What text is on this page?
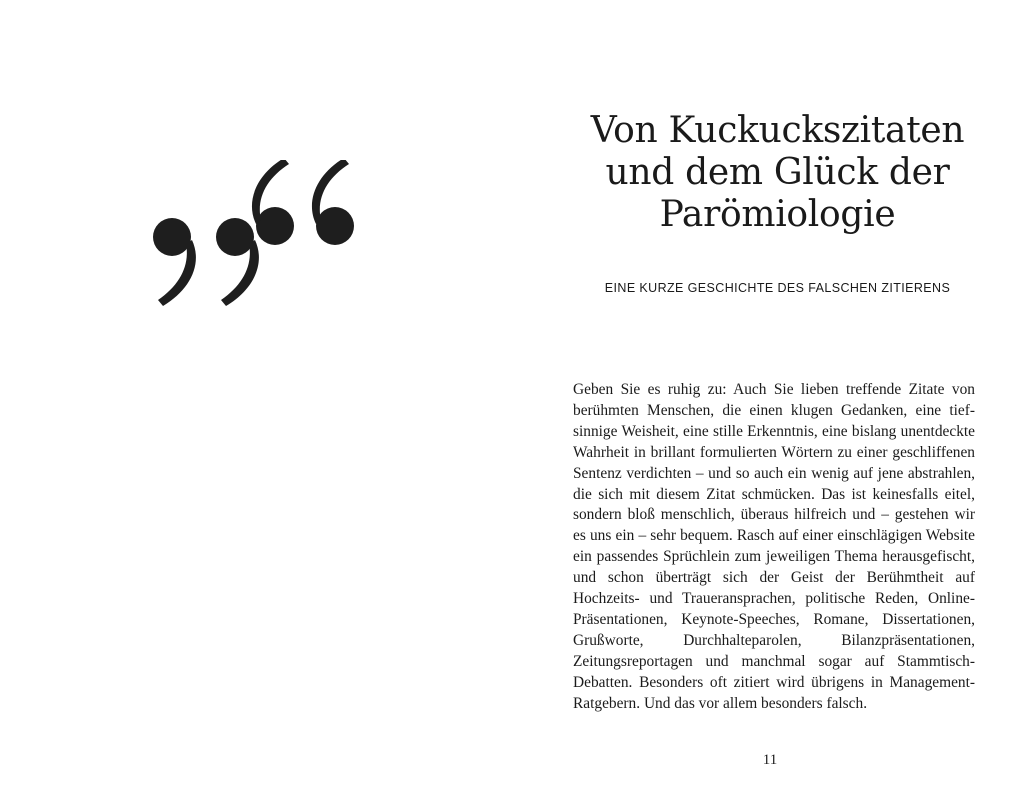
Von Kuckuckszitaten
und dem Glück der
Parömiologie
EINE KURZE GESCHICHTE DES FALSCHEN ZITIERENS

Geben Sie es ruhig zu: Auch Sie lieben treffende Zitate von berühmten Menschen, die einen klugen Gedanken, eine tiefsinnige Weisheit, eine stille Erkenntnis, eine bislang unentdeckte Wahrheit in brillant formulierten Wörtern zu einer geschliffenen Sentenz verdichten – und so auch ein wenig auf jene abstrahlen, die sich mit diesem Zitat schmücken. Das ist keinesfalls eitel, sondern bloß menschlich, überaus hilfreich und – gestehen wir es uns ein – sehr bequem. Rasch auf einer einschlägigen Website ein passendes Sprüchlein zum jeweiligen Thema herausgefischt, und schon überträgt sich der Geist der Berühmtheit auf Hochzeits- und Traueransprachen, politische Reden, Online-Präsentationen, Keynote-Speeches, Romane, Dissertationen, Grußworte, Durchhalteparolen, Bilanzpräsentationen, Zeitungsreportagen und manchmal sogar auf Stammtisch-Debatten. Besonders oft zitiert wird übrigens in Management-Ratgebern. Und das vor allem besonders falsch.

11
